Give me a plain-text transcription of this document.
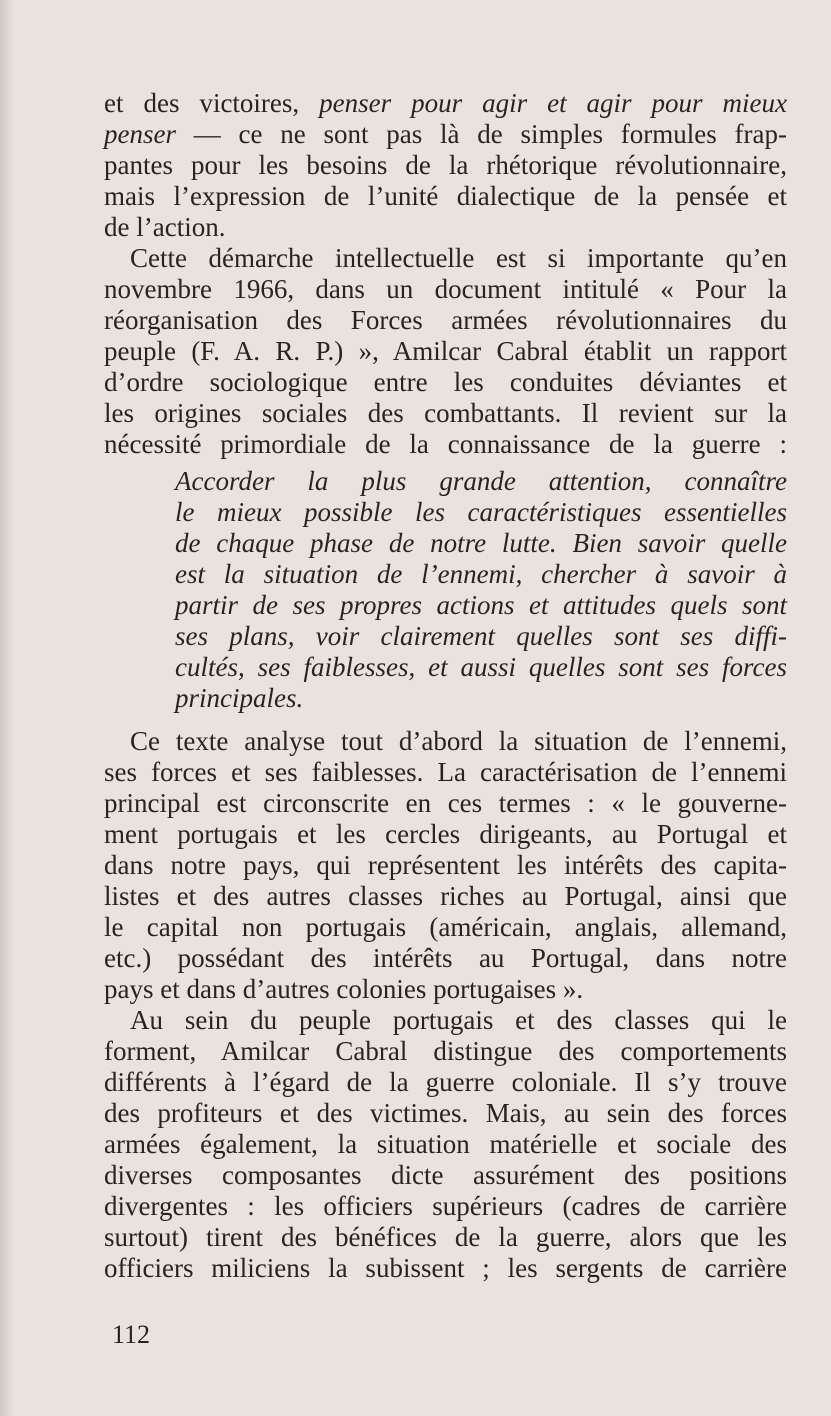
et des victoires, penser pour agir et agir pour mieux
penser — ce ne sont pas là de simples formules frap-
pantes pour les besoins de la rhétorique révolutionnaire,
mais l’expression de l’unité dialectique de la pensée et
de l’action.
Cette démarche intellectuelle est si importante qu’en
novembre 1966, dans un document intitulé « Pour la
réorganisation des Forces armées révolutionnaires du
peuple (F. A. R. P.) », Amilcar Cabral établit un rapport
d’ordre sociologique entre les conduites déviantes et
les origines sociales des combattants. Il revient sur la
nécessité primordiale de la connaissance de la guerre :
Accorder la plus grande attention, connaître
le mieux possible les caractéristiques essentielles
de chaque phase de notre lutte. Bien savoir quelle
est la situation de l’ennemi, chercher à savoir à
partir de ses propres actions et attitudes quels sont
ses plans, voir clairement quelles sont ses diffi-
cultés, ses faiblesses, et aussi quelles sont ses forces
principales.
Ce texte analyse tout d’abord la situation de l’ennemi,
ses forces et ses faiblesses. La caractérisation de l’ennemi
principal est circonscrite en ces termes : « le gouverne-
ment portugais et les cercles dirigeants, au Portugal et
dans notre pays, qui représentent les intérêts des capita-
listes et des autres classes riches au Portugal, ainsi que
le capital non portugais (américain, anglais, allemand,
etc.) possédant des intérêts au Portugal, dans notre
pays et dans d’autres colonies portugaises ».
Au sein du peuple portugais et des classes qui le
forment, Amilcar Cabral distingue des comportements
différents à l’égard de la guerre coloniale. Il s’y trouve
des profiteurs et des victimes. Mais, au sein des forces
armées également, la situation matérielle et sociale des
diverses composantes dicte assurément des positions
divergentes : les officiers supérieurs (cadres de carrière
surtout) tirent des bénéfices de la guerre, alors que les
officiers miliciens la subissent ; les sergents de carrière
112
